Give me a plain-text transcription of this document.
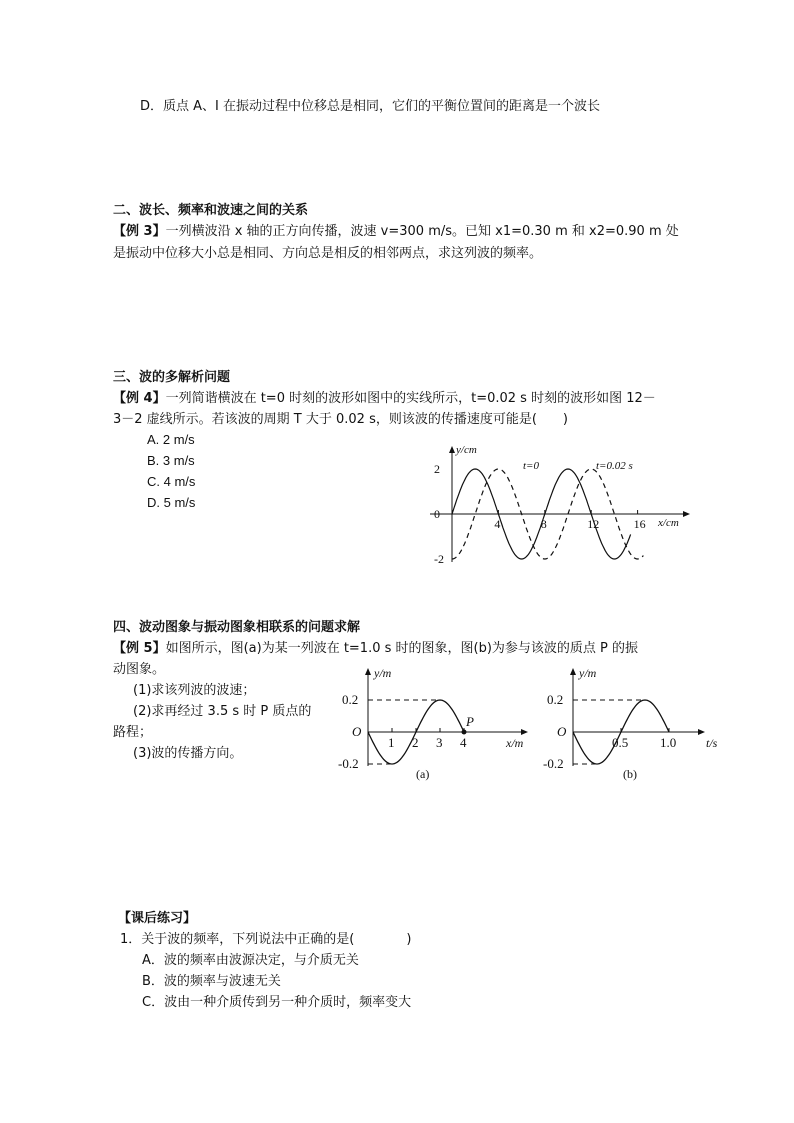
D．质点 A、I 在振动过程中位移总是相同，它们的平衡位置间的距离是一个波长
二、波长、频率和波速之间的关系
【例 3】一列横波沿 x 轴的正方向传播，波速 v=300 m/s。已知 x1=0.30 m 和 x2=0.90 m 处
是振动中位移大小总是相同、方向总是相反的相邻两点，求这列波的频率。
三、波的多解析问题
【例 4】一列简谐横波在 t=0 时刻的波形如图中的实线所示，t=0.02 s 时刻的波形如图 12－
3－2 虚线所示。若该波的周期 T 大于 0.02 s，则该波的传播速度可能是(　　)
A. 2 m/s
B. 3 m/s
C. 4 m/s
D. 5 m/s
y/cm
x/cm
2
0
-2
4	8	12	16
t=0	t=0.02 s
四、波动图象与振动图象相联系的问题求解
【例 5】如图所示，图(a)为某一列波在 t=1.0 s 时的图象，图(b)为参与该波的质点 P 的振
动图象。
(1)求该列波的波速；
(2)求再经过 3.5 s 时 P 质点的
路程；
(3)波的传播方向。
y/m
x/m
O
0.2
-0.2
1 2 3 4
P
(a)
y/m
t/s
O
0.2
-0.2
0.5 1.0
(b)
【课后练习】
1．关于波的频率，下列说法中正确的是(　　　　)
A．波的频率由波源决定，与介质无关
B．波的频率与波速无关
C．波由一种介质传到另一种介质时，频率变大
